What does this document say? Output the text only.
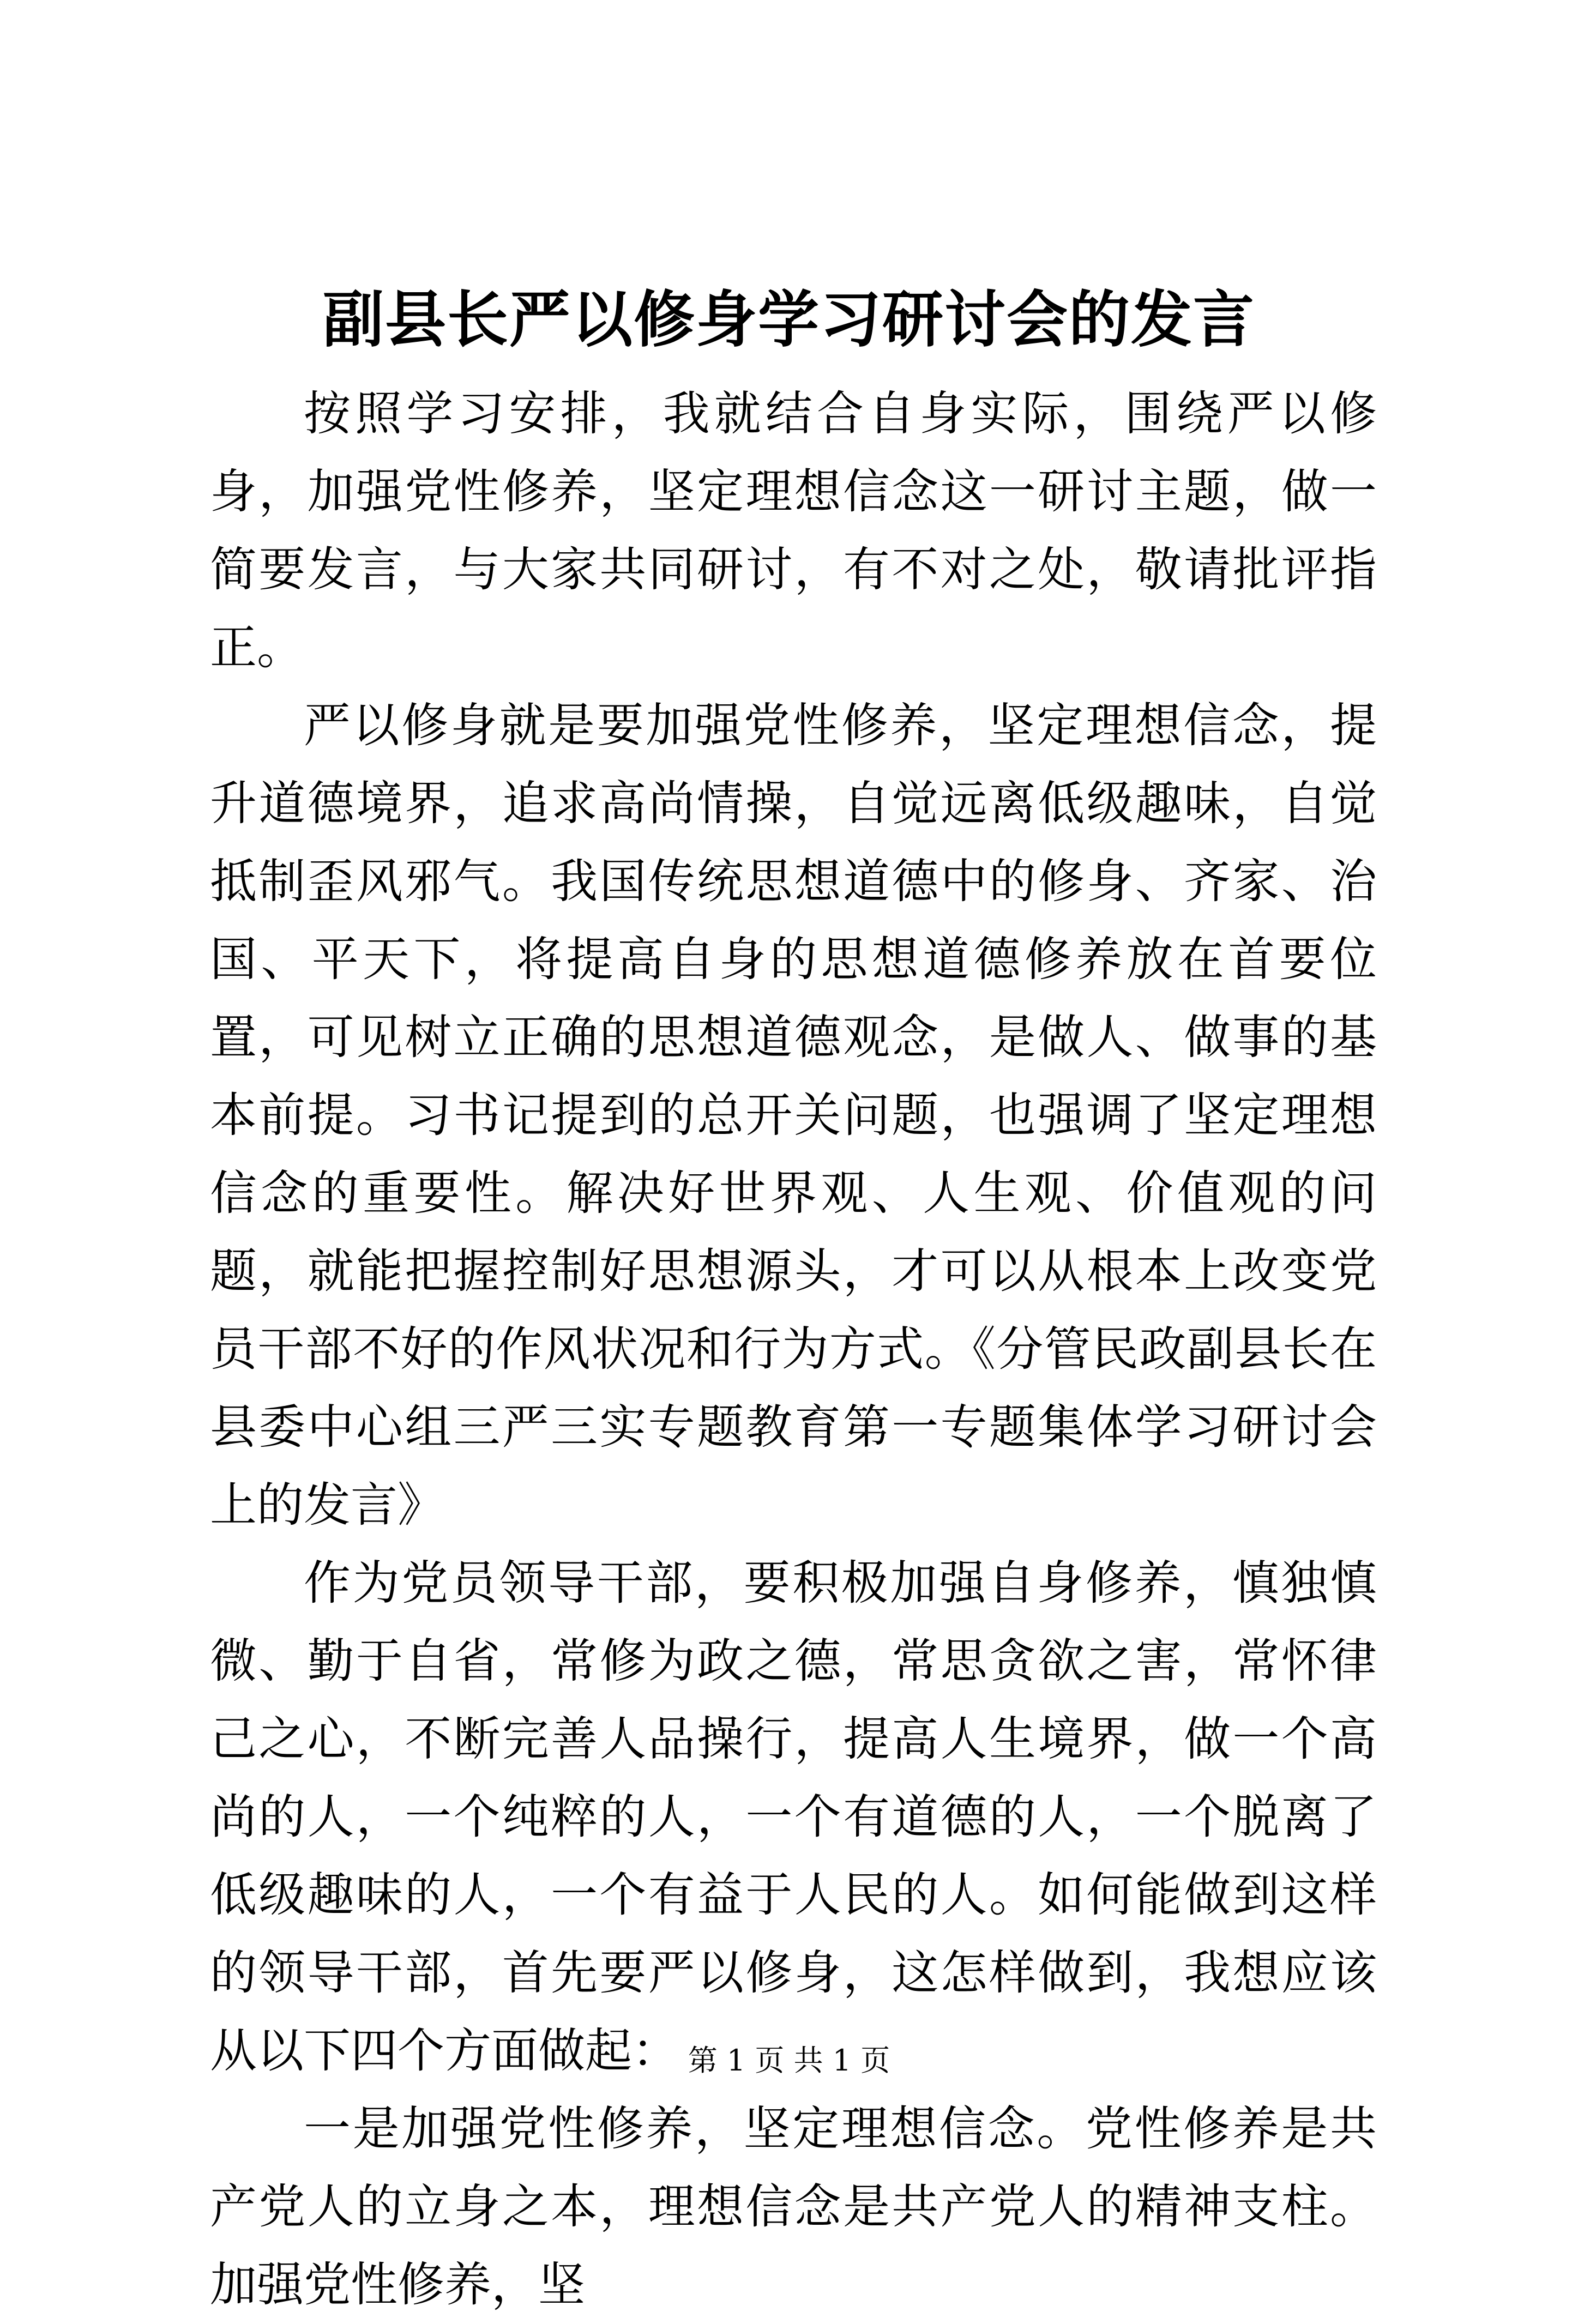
副县长严以修身学习研讨会的发言

按照学习安排，我就结合自身实际，围绕严以修身，加强党性修养，坚定理想信念这一研讨主题，做一简要发言，与大家共同研讨，有不对之处，敬请批评指正。

严以修身就是要加强党性修养，坚定理想信念，提升道德境界，追求高尚情操，自觉远离低级趣味，自觉抵制歪风邪气。我国传统思想道德中的修身、齐家、治国、平天下，将提高自身的思想道德修养放在首要位置，可见树立正确的思想道德观念，是做人、做事的基本前提。习书记提到的总开关问题，也强调了坚定理想信念的重要性。解决好世界观、人生观、价值观的问题，就能把握控制好思想源头，才可以从根本上改变党员干部不好的作风状况和行为方式。《分管民政副县长在县委中心组三严三实专题教育第一专题集体学习研讨会上的发言》

作为党员领导干部，要积极加强自身修养，慎独慎微、勤于自省，常修为政之德，常思贪欲之害，常怀律己之心，不断完善人品操行，提高人生境界，做一个高尚的人，一个纯粹的人，一个有道德的人，一个脱离了低级趣味的人，一个有益于人民的人。如何能做到这样的领导干部，首先要严以修身，这怎样做到，我想应该从以下四个方面做起：

一是加强党性修养，坚定理想信念。党性修养是共产党人的立身之本，理想信念是共产党人的精神支柱。加强党性修养，坚

第 1 页 共 1 页
